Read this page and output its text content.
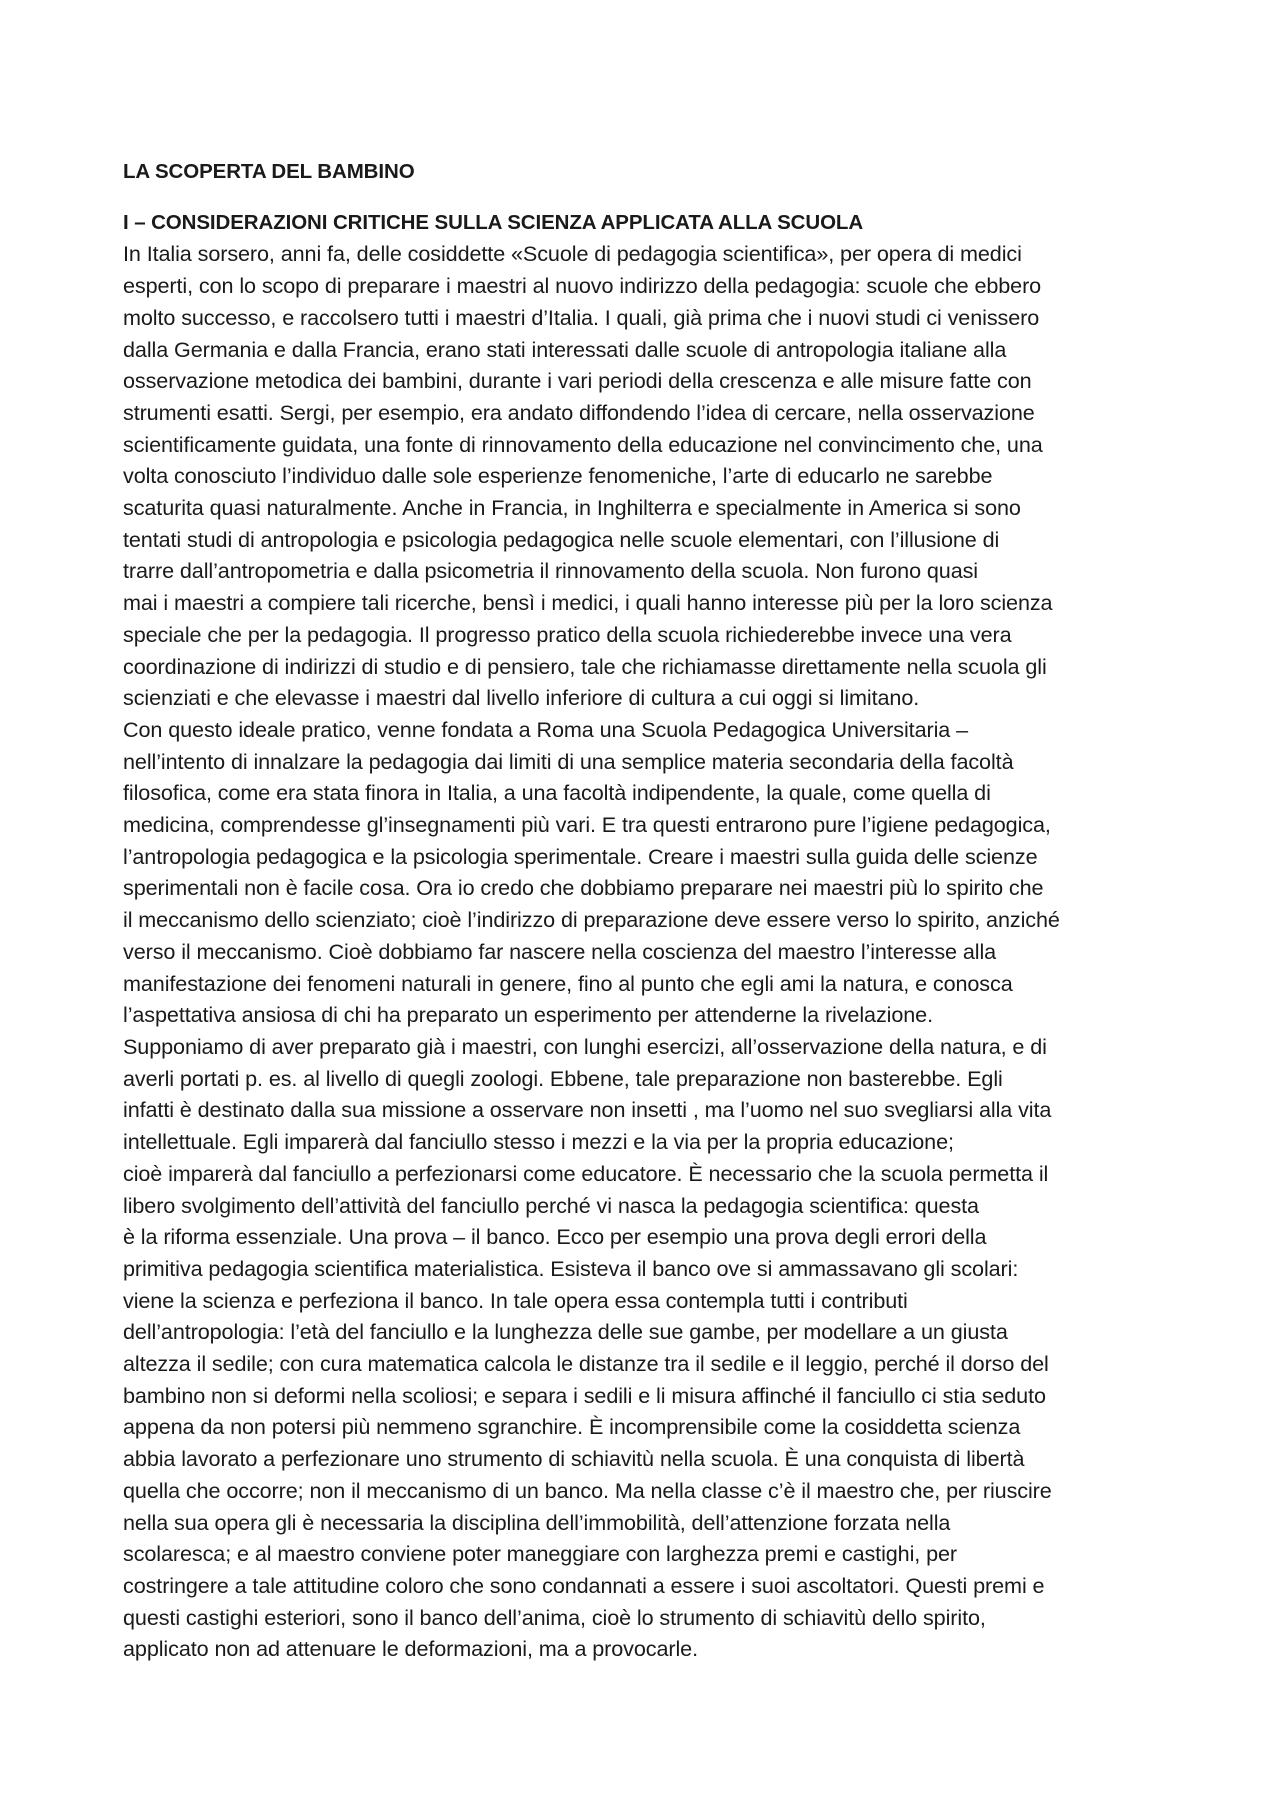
LA SCOPERTA DEL BAMBINO
I – CONSIDERAZIONI CRITICHE SULLA SCIENZA APPLICATA ALLA SCUOLA
In Italia sorsero, anni fa, delle cosiddette «Scuole di pedagogia scientifica», per opera di medici
esperti, con lo scopo di preparare i maestri al nuovo indirizzo della pedagogia: scuole che ebbero
molto successo, e raccolsero tutti i maestri d’Italia. I quali, già prima che i nuovi studi ci venissero
dalla Germania e dalla Francia, erano stati interessati dalle scuole di antropologia italiane alla
osservazione metodica dei bambini, durante i vari periodi della crescenza e alle misure fatte con
strumenti esatti. Sergi, per esempio, era andato diffondendo l’idea di cercare, nella osservazione
scientificamente guidata, una fonte di rinnovamento della educazione nel convincimento che, una
volta conosciuto l’individuo dalle sole esperienze fenomeniche, l’arte di educarlo ne sarebbe
scaturita quasi naturalmente. Anche in Francia, in Inghilterra e specialmente in America si sono
tentati studi di antropologia e psicologia pedagogica nelle scuole elementari, con l’illusione di
trarre dall’antropometria e dalla psicometria il rinnovamento della scuola. Non furono quasi
mai i maestri a compiere tali ricerche, bensì i medici, i quali hanno interesse più per la loro scienza
speciale che per la pedagogia. Il progresso pratico della scuola richiederebbe invece una vera
coordinazione di indirizzi di studio e di pensiero, tale che richiamasse direttamente nella scuola gli
scienziati e che elevasse i maestri dal livello inferiore di cultura a cui oggi si limitano.
Con questo ideale pratico, venne fondata a Roma una Scuola Pedagogica Universitaria –
nell’intento di innalzare la pedagogia dai limiti di una semplice materia secondaria della facoltà
filosofica, come era stata finora in Italia, a una facoltà indipendente, la quale, come quella di
medicina, comprendesse gl’insegnamenti più vari. E tra questi entrarono pure l’igiene pedagogica,
l’antropologia pedagogica e la psicologia sperimentale. Creare i maestri sulla guida delle scienze
sperimentali non è facile cosa. Ora io credo che dobbiamo preparare nei maestri più lo spirito che
il meccanismo dello scienziato; cioè l’indirizzo di preparazione deve essere verso lo spirito, anziché
verso il meccanismo. Cioè dobbiamo far nascere nella coscienza del maestro l’interesse alla
manifestazione dei fenomeni naturali in genere, fino al punto che egli ami la natura, e conosca
l’aspettativa ansiosa di chi ha preparato un esperimento per attenderne la rivelazione.
Supponiamo di aver preparato già i maestri, con lunghi esercizi, all’osservazione della natura, e di
averli portati p. es. al livello di quegli zoologi. Ebbene, tale preparazione non basterebbe. Egli
infatti è destinato dalla sua missione a osservare non insetti , ma l’uomo nel suo svegliarsi alla vita
intellettuale. Egli imparerà dal fanciullo stesso i mezzi e la via per la propria educazione;
cioè imparerà dal fanciullo a perfezionarsi come educatore. È necessario che la scuola permetta il
libero svolgimento dell’attività del fanciullo perché vi nasca la pedagogia scientifica: questa
è la riforma essenziale. Una prova – il banco. Ecco per esempio una prova degli errori della
primitiva pedagogia scientifica materialistica. Esisteva il banco ove si ammassavano gli scolari:
viene la scienza e perfeziona il banco. In tale opera essa contempla tutti i contributi
dell’antropologia: l’età del fanciullo e la lunghezza delle sue gambe, per modellare a un giusta
altezza il sedile; con cura matematica calcola le distanze tra il sedile e il leggio, perché il dorso del
bambino non si deformi nella scoliosi; e separa i sedili e li misura affinché il fanciullo ci stia seduto
appena da non potersi più nemmeno sgranchire. È incomprensibile come la cosiddetta scienza
abbia lavorato a perfezionare uno strumento di schiavitù nella scuola. È una conquista di libertà
quella che occorre; non il meccanismo di un banco. Ma nella classe c’è il maestro che, per riuscire
nella sua opera gli è necessaria la disciplina dell’immobilità, dell’attenzione forzata nella
scolaresca; e al maestro conviene poter maneggiare con larghezza premi e castighi, per
costringere a tale attitudine coloro che sono condannati a essere i suoi ascoltatori. Questi premi e
questi castighi esteriori, sono il banco dell’anima, cioè lo strumento di schiavitù dello spirito,
applicato non ad attenuare le deformazioni, ma a provocarle.
